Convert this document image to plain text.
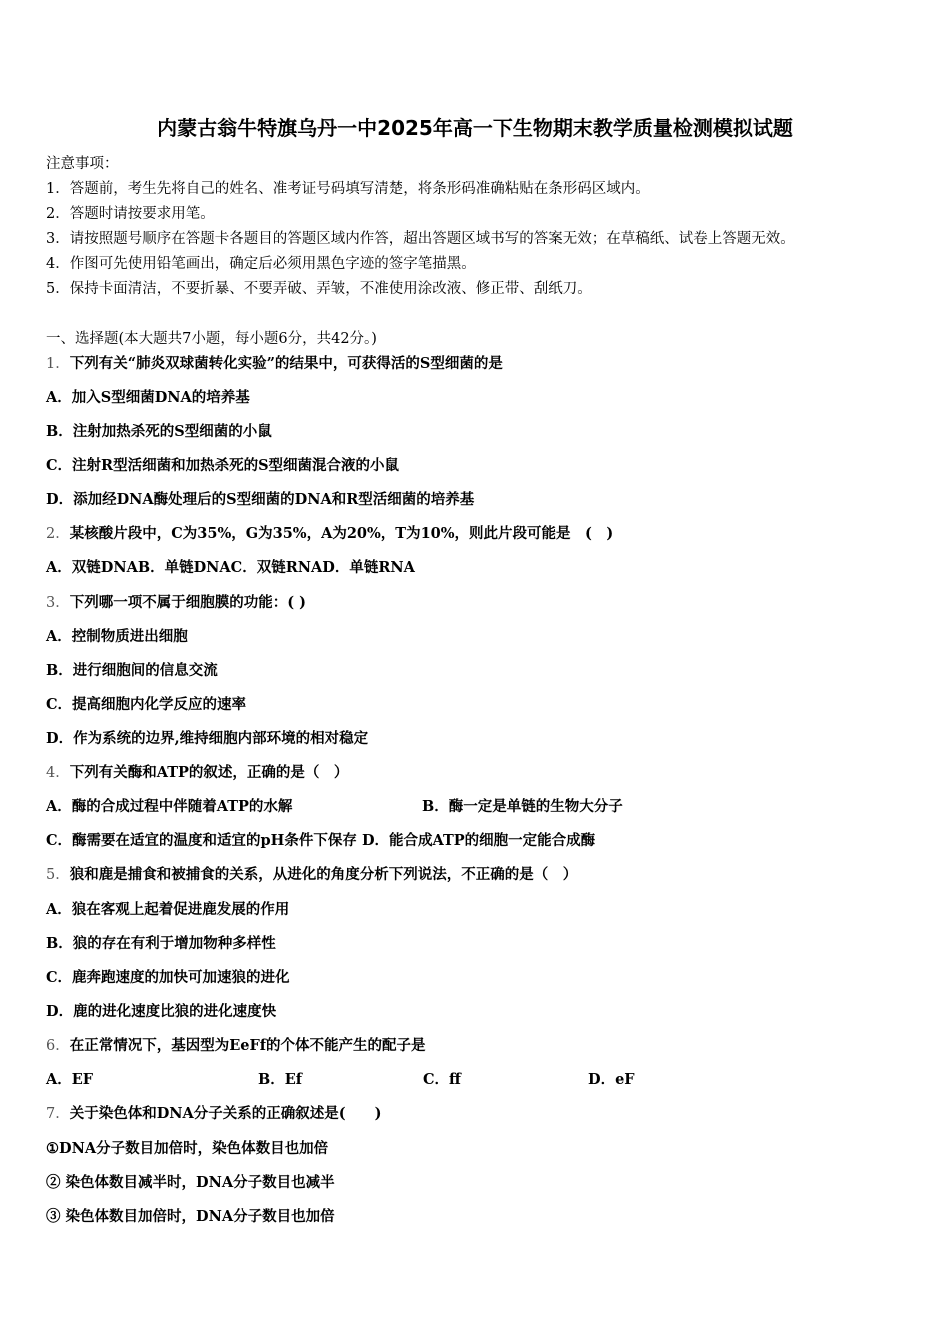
内蒙古翁牛特旗乌丹一中2025年高一下生物期末教学质量检测模拟试题
注意事项：
1．答题前，考生先将自己的姓名、准考证号码填写清楚，将条形码准确粘贴在条形码区域内。
2．答题时请按要求用笔。
3．请按照题号顺序在答题卡各题目的答题区域内作答，超出答题区域书写的答案无效；在草稿纸、试卷上答题无效。
4．作图可先使用铅笔画出，确定后必须用黑色字迹的签字笔描黑。
5．保持卡面清洁，不要折暴、不要弄破、弄皱，不准使用涂改液、修正带、刮纸刀。
一、选择题(本大题共7小题，每小题6分，共42分。)
1．下列有关“肺炎双球菌转化实验”的结果中，可获得活的S型细菌的是
A．加入S型细菌DNA的培养基
B．注射加热杀死的S型细菌的小鼠
C．注射R型活细菌和加热杀死的S型细菌混合液的小鼠
D．添加经DNA酶处理后的S型细菌的DNA和R型活细菌的培养基
2．某核酸片段中，C为35%，G为35%，A为20%，T为10%，则此片段可能是　(　)
A．双链DNAB．单链DNAC．双链RNAD．单链RNA
3．下列哪一项不属于细胞膜的功能：( )
A．控制物质进出细胞
B．进行细胞间的信息交流
C．提高细胞内化学反应的速率
D．作为系统的边界,维持细胞内部环境的相对稳定
4．下列有关酶和ATP的叙述，正确的是（　）
A．酶的合成过程中伴随着ATP的水解	B．酶一定是单链的生物大分子
C．酶需要在适宜的温度和适宜的pH条件下保存 D．能合成ATP的细胞一定能合成酶
5．狼和鹿是捕食和被捕食的关系，从进化的角度分析下列说法，不正确的是（　）
A．狼在客观上起着促进鹿发展的作用
B．狼的存在有利于增加物种多样性
C．鹿奔跑速度的加快可加速狼的进化
D．鹿的进化速度比狼的进化速度快
6．在正常情况下，基因型为EeFf的个体不能产生的配子是
A．EF	B．Ef	C．ff	D．eF
7．关于染色体和DNA分子关系的正确叙述是(　　)
①DNA分子数目加倍时，染色体数目也加倍
② 染色体数目减半时，DNA分子数目也减半
③ 染色体数目加倍时，DNA分子数目也加倍
